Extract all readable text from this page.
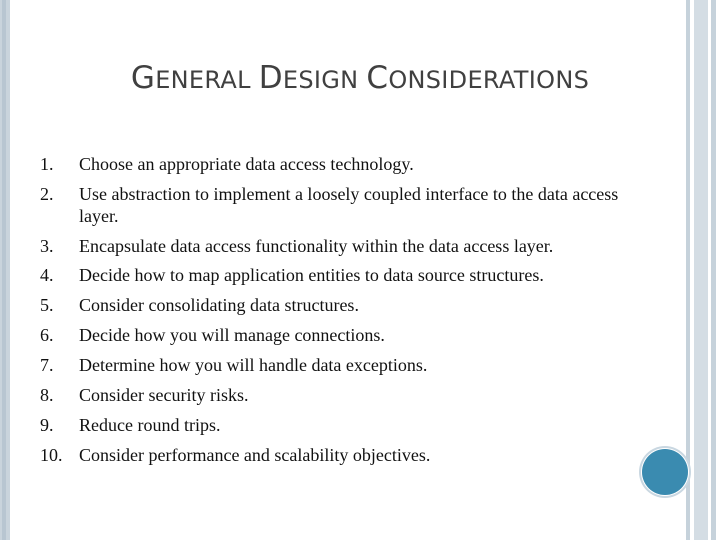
GENERAL DESIGN CONSIDERATIONS
1. Choose an appropriate data access technology.
2. Use abstraction to implement a loosely coupled interface to the data access layer.
3. Encapsulate data access functionality within the data access layer.
4. Decide how to map application entities to data source structures.
5. Consider consolidating data structures.
6. Decide how you will manage connections.
7. Determine how you will handle data exceptions.
8. Consider security risks.
9. Reduce round trips.
10. Consider performance and scalability objectives.
